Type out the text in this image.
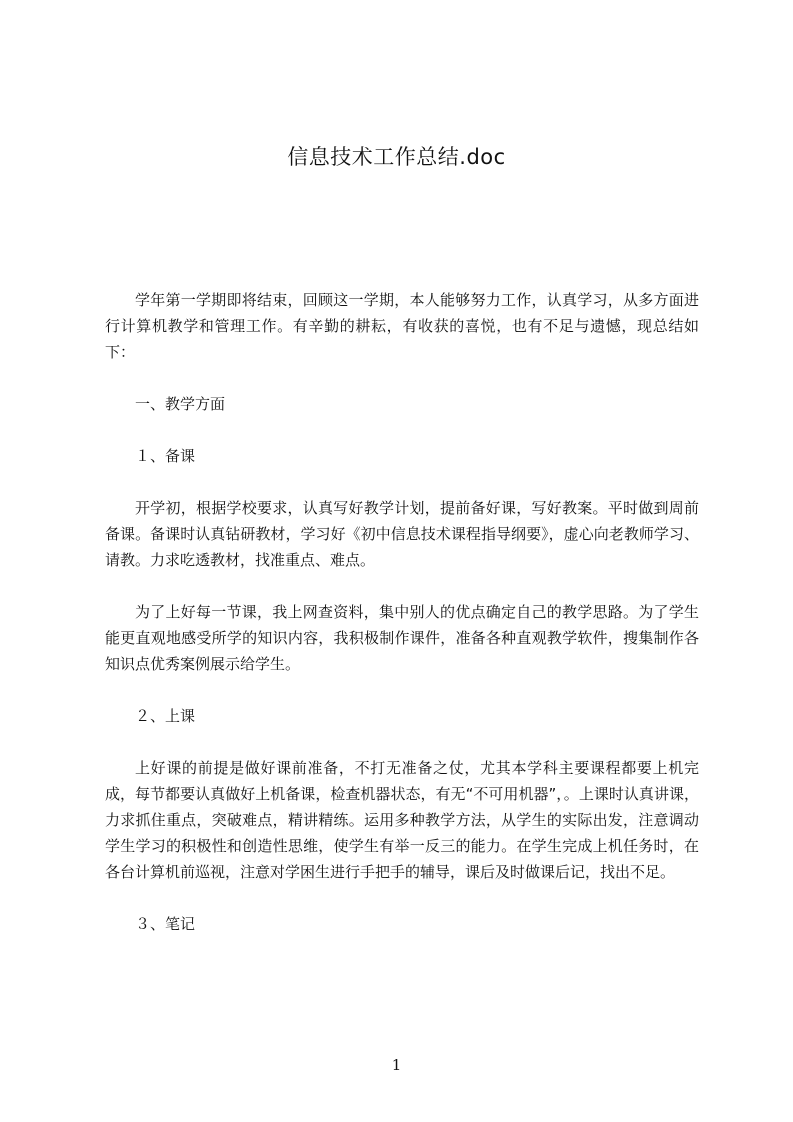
信息技术工作总结.doc

学年第一学期即将结束，回顾这一学期，本人能够努力工作，认真学习，从多方面进行计算机教学和管理工作。有辛勤的耕耘，有收获的喜悦，也有不足与遗憾，现总结如下：

一、教学方面

１、备课

开学初，根据学校要求，认真写好教学计划，提前备好课，写好教案。平时做到周前备课。备课时认真钻研教材，学习好《初中信息技术课程指导纲要》，虚心向老教师学习、请教。力求吃透教材，找准重点、难点。

为了上好每一节课，我上网查资料，集中别人的优点确定自己的教学思路。为了学生能更直观地感受所学的知识内容，我积极制作课件，准备各种直观教学软件，搜集制作各知识点优秀案例展示给学生。

２、上课

上好课的前提是做好课前准备，不打无准备之仗，尤其本学科主要课程都要上机完成，每节都要认真做好上机备课，检查机器状态，有无“不可用机器”，。上课时认真讲课，力求抓住重点，突破难点，精讲精练。运用多种教学方法，从学生的实际出发，注意调动学生学习的积极性和创造性思维，使学生有举一反三的能力。在学生完成上机任务时，在各台计算机前巡视，注意对学困生进行手把手的辅导，课后及时做课后记，找出不足。

３、笔记

1
